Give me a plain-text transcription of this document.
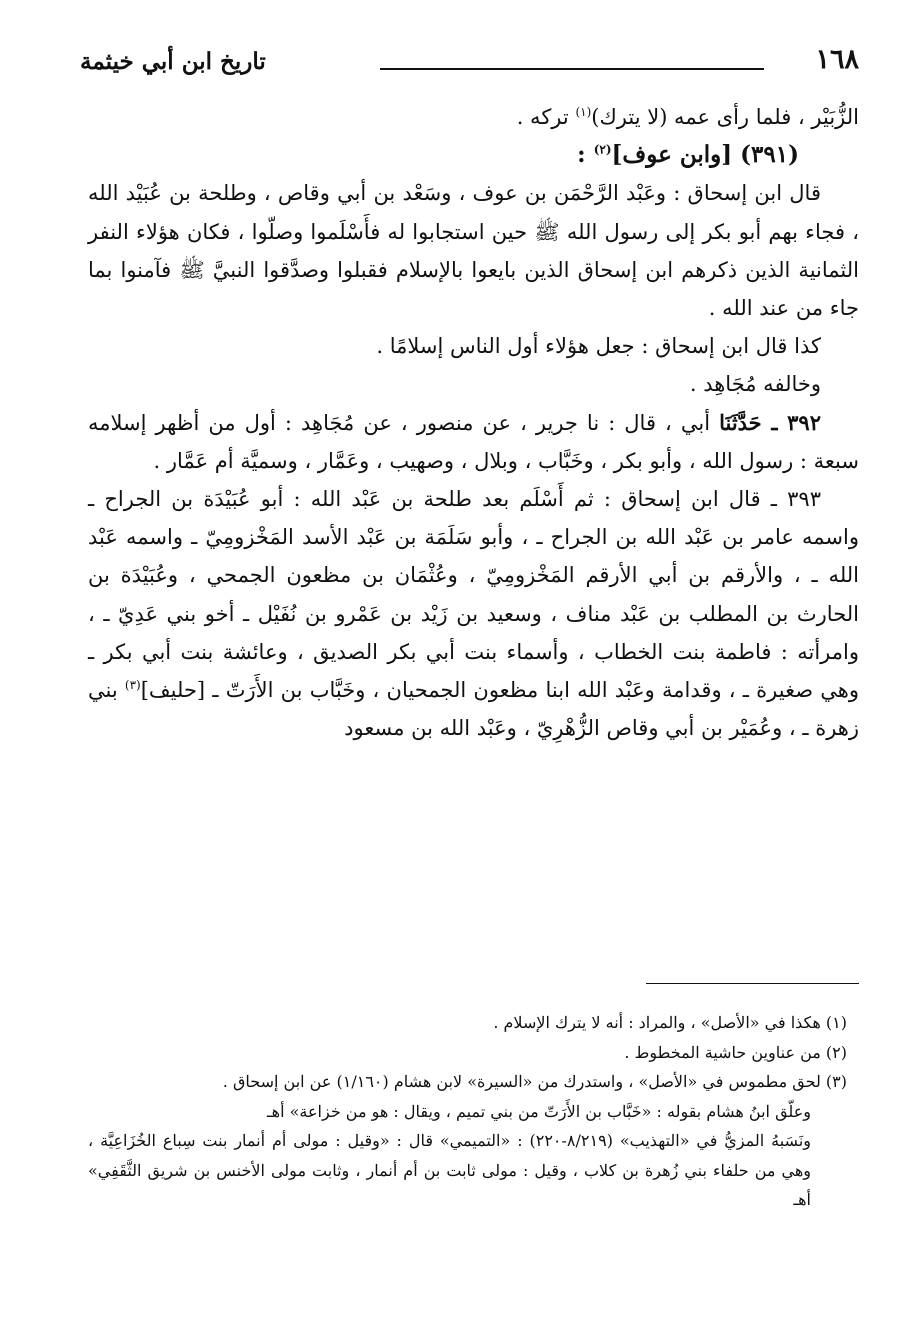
١٦٨
تاريخ ابن أبي خيثمة

الزُّبَيْر ، فلما رأى عمه (لا يترك)$^{(١)}$ تركه .

(٣٩١) [وابن عوف]$^{(٢)}$ :

قال ابن إسحاق : وعَبْد الرَّحْمَن بن عوف ، وسَعْد بن أبي وقاص ، وطلحة بن عُبَيْد الله ، فجاء بهم أبو بكر إلى رسول الله ﷺ حين استجابوا له فأَسْلَموا وصلّوا ، فكان هؤلاء النفر الثمانية الذين ذكرهم ابن إسحاق الذين بايعوا بالإسلام فقبلوا وصدَّقوا النبيَّ ﷺ فآمنوا بما جاء من عند الله .

كذا قال ابن إسحاق : جعل هؤلاء أول الناس إسلامًا .

وخالفه مُجَاهِد .

٣٩٢ ـ حَدَّثَنَا أبي ، قال : نا جرير ، عن منصور ، عن مُجَاهِد : أول من أظهر إسلامه سبعة : رسول الله ، وأبو بكر ، وخَبَّاب ، وبلال ، وصهيب ، وعَمَّار ، وسميَّة أم عَمَّار .

٣٩٣ ـ قال ابن إسحاق : ثم أَسْلَم بعد طلحة بن عَبْد الله : أبو عُبَيْدَة بن الجراح ـ واسمه عامر بن عَبْد الله بن الجراح ـ ، وأبو سَلَمَة بن عَبْد الأسد المَخْزومِيّ ـ واسمه عَبْد الله ـ ، والأرقم بن أبي الأرقم المَخْزومِيّ ، وعُثْمَان بن مظعون الجمحي ، وعُبَيْدَة بن الحارث بن المطلب بن عَبْد مناف ، وسعيد بن زَيْد بن عَمْرو بن نُفَيْل ـ أخو بني عَدِيّ ـ ، وامرأته : فاطمة بنت الخطاب ، وأسماء بنت أبي بكر الصديق ، وعائشة بنت أبي بكر ـ وهي صغيرة ـ ، وقدامة وعَبْد الله ابنا مظعون الجمحيان ، وخَبَّاب بن الأَرَتّ ـ [حليف]$^{(٣)}$ بني زهرة ـ ، وعُمَيْر بن أبي وقاص الزُّهْرِيّ ، وعَبْد الله بن مسعود

(١) هكذا في «الأصل» ، والمراد : أنه لا يترك الإسلام .

(٢) من عناوين حاشية المخطوط .

(٣) لحق مطموس في «الأصل» ، واستدرك من «السيرة» لابن هشام (١/١٦٠) عن ابن إسحاق .

وعلّق ابنُ هشام بقوله : «خَبَّاب بن الأَرَتّ من بني تميم ، ويقال : هو من خزاعة» أهـ

ونَسَبهُ المزيُّ في «التهذيب» (٨/٢١٩-٢٢٠) : «التميمي» قال : «وقيل : مولى أم أنمار بنت سِباع الخُزَاعِيَّة ، وهي من حلفاء بني زُهرة بن كلاب ، وقيل : مولى ثابت بن أم أنمار ، وثابت مولى الأخنس بن شريق الثَّقَفِي» أهـ
